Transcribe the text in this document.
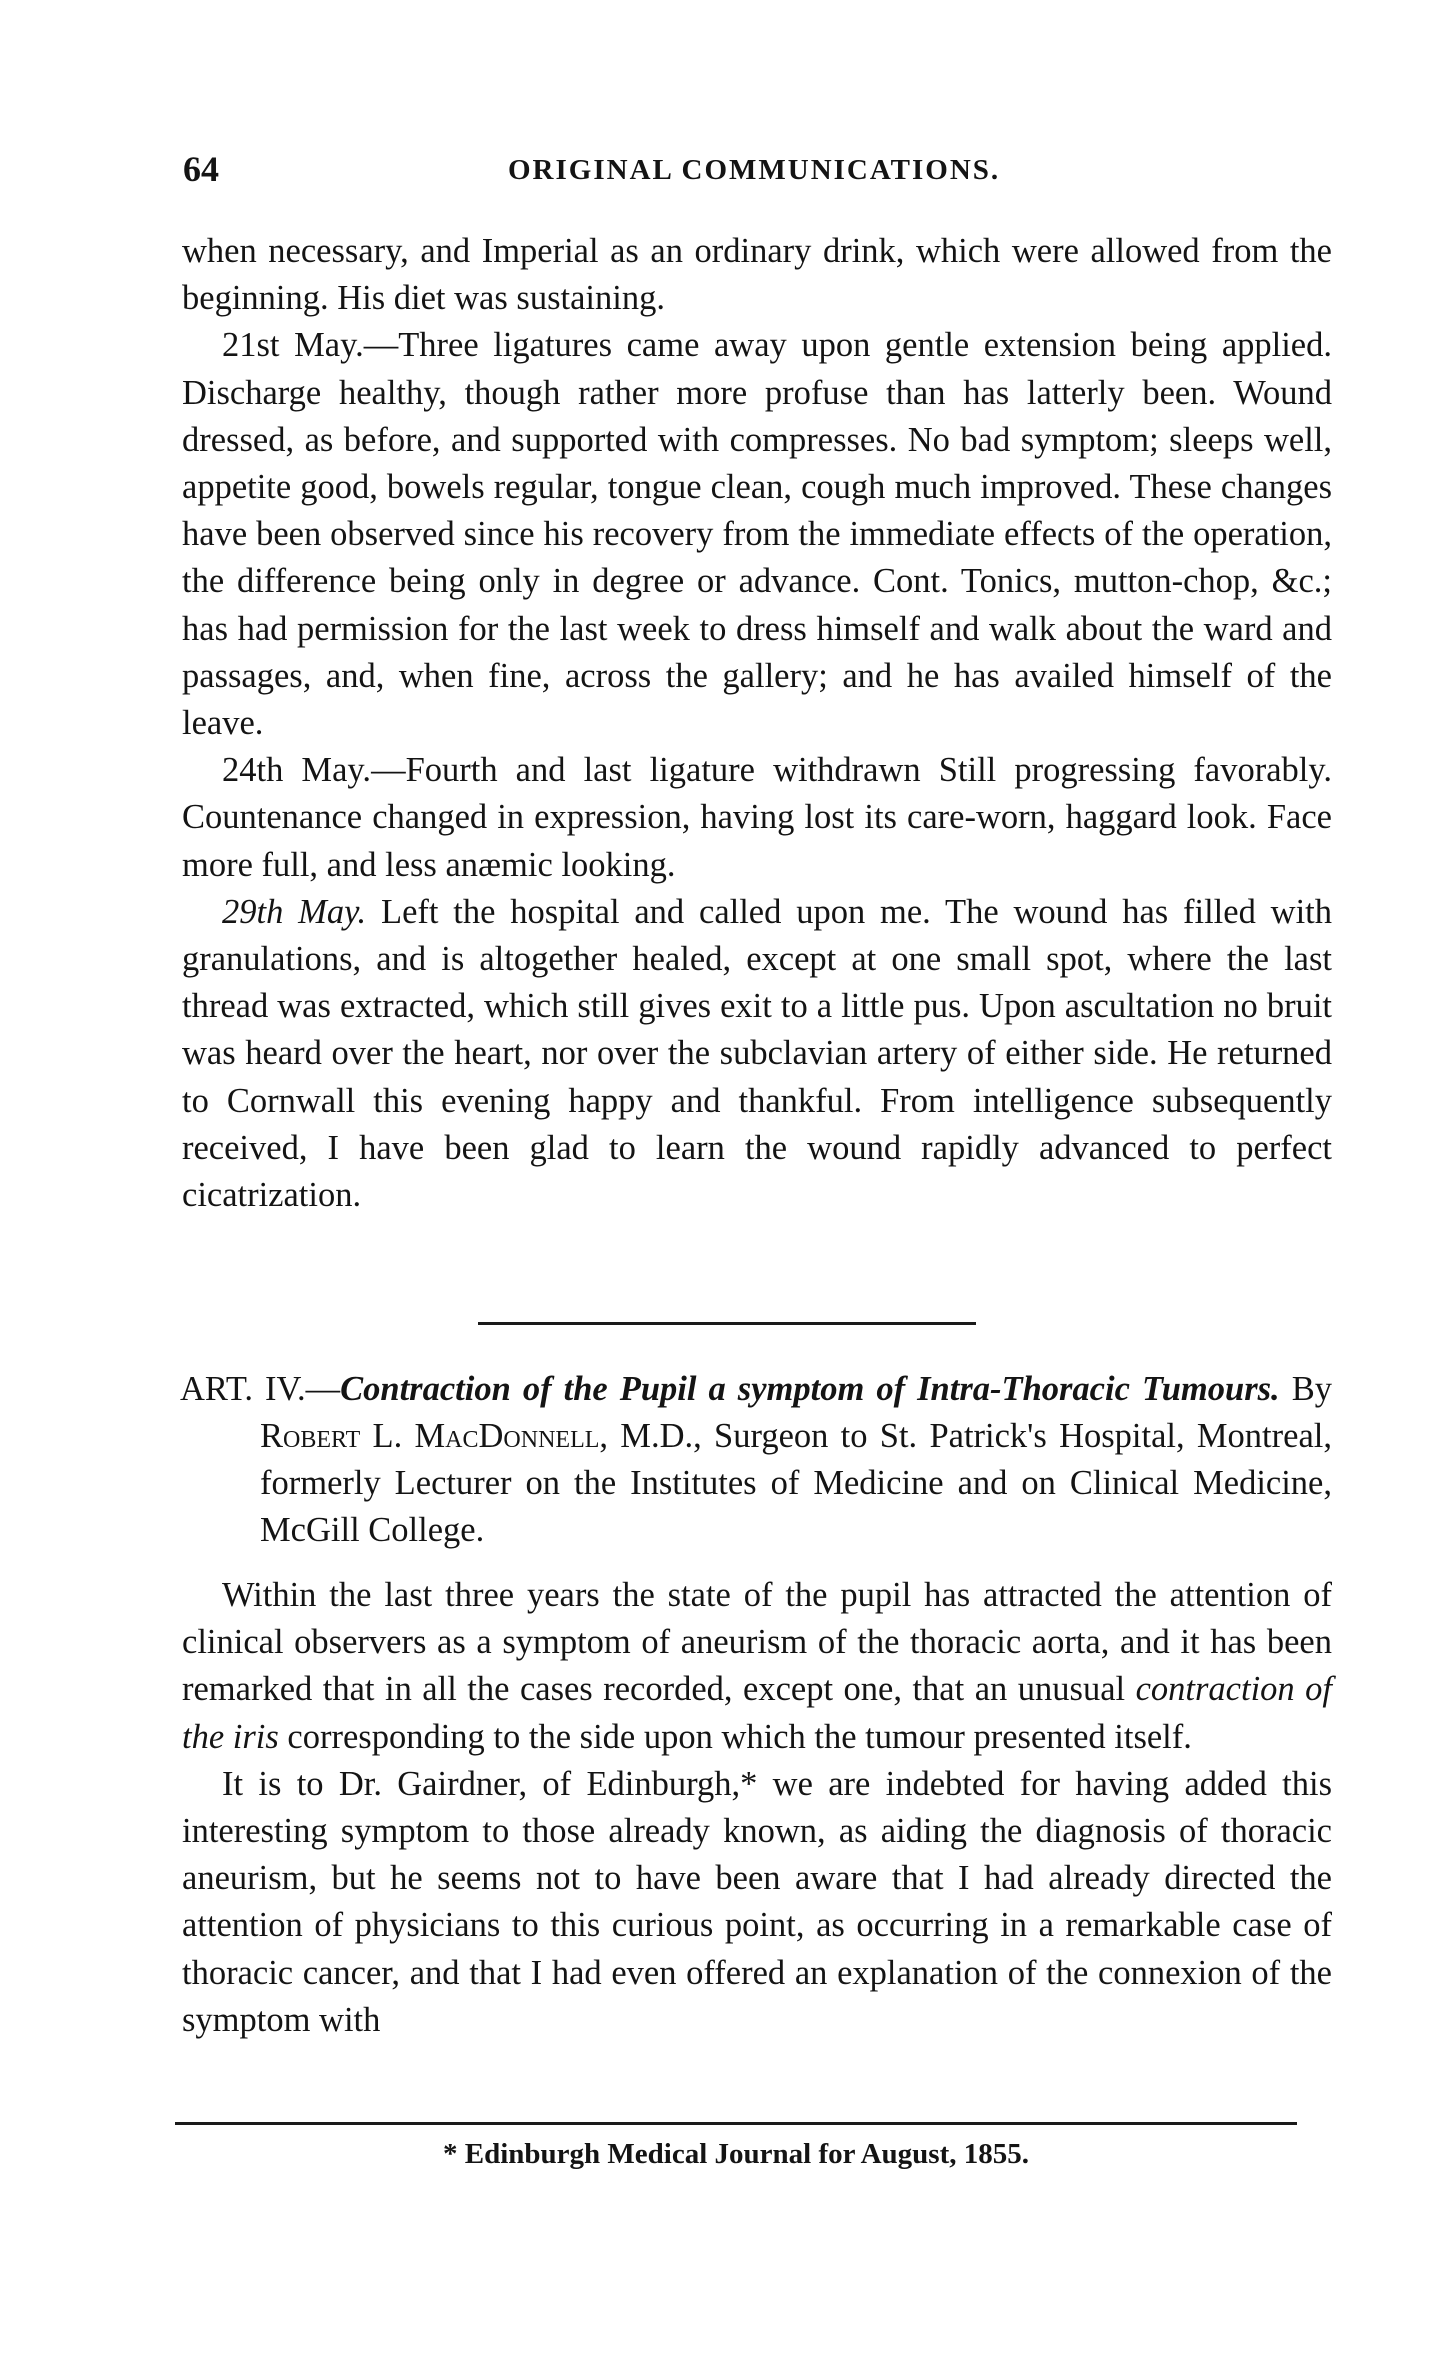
64	ORIGINAL COMMUNICATIONS.

when necessary, and Imperial as an ordinary drink, which were allowed from the beginning. His diet was sustaining.

21st May.—Three ligatures came away upon gentle extension being applied. Discharge healthy, though rather more profuse than has latterly been. Wound dressed, as before, and supported with compresses. No bad symptom; sleeps well, appetite good, bowels regular, tongue clean, cough much improved. These changes have been observed since his recovery from the immediate effects of the operation, the difference being only in degree or advance. Cont. Tonics, mutton-chop, &c.; has had permission for the last week to dress himself and walk about the ward and passages, and, when fine, across the gallery; and he has availed himself of the leave.

24th May.—Fourth and last ligature withdrawn Still progressing favorably. Countenance changed in expression, having lost its care-worn, haggard look. Face more full, and less anæmic looking.

29th May. Left the hospital and called upon me. The wound has filled with granulations, and is altogether healed, except at one small spot, where the last thread was extracted, which still gives exit to a little pus. Upon ascultation no bruit was heard over the heart, nor over the subclavian artery of either side. He returned to Cornwall this evening happy and thankful. From intelligence subsequently received, I have been glad to learn the wound rapidly advanced to perfect cicatrization.

ART. IV.—Contraction of the Pupil a symptom of Intra-Thoracic Tumours. By Robert L. MacDonnell, M.D., Surgeon to St. Patrick's Hospital, Montreal, formerly Lecturer on the Institutes of Medicine and on Clinical Medicine, McGill College.

Within the last three years the state of the pupil has attracted the attention of clinical observers as a symptom of aneurism of the thoracic aorta, and it has been remarked that in all the cases recorded, except one, that an unusual contraction of the iris corresponding to the side upon which the tumour presented itself.

It is to Dr. Gairdner, of Edinburgh,* we are indebted for having added this interesting symptom to those already known, as aiding the diagnosis of thoracic aneurism, but he seems not to have been aware that I had already directed the attention of physicians to this curious point, as occurring in a remarkable case of thoracic cancer, and that I had even offered an explanation of the connexion of the symptom with

* Edinburgh Medical Journal for August, 1855.
